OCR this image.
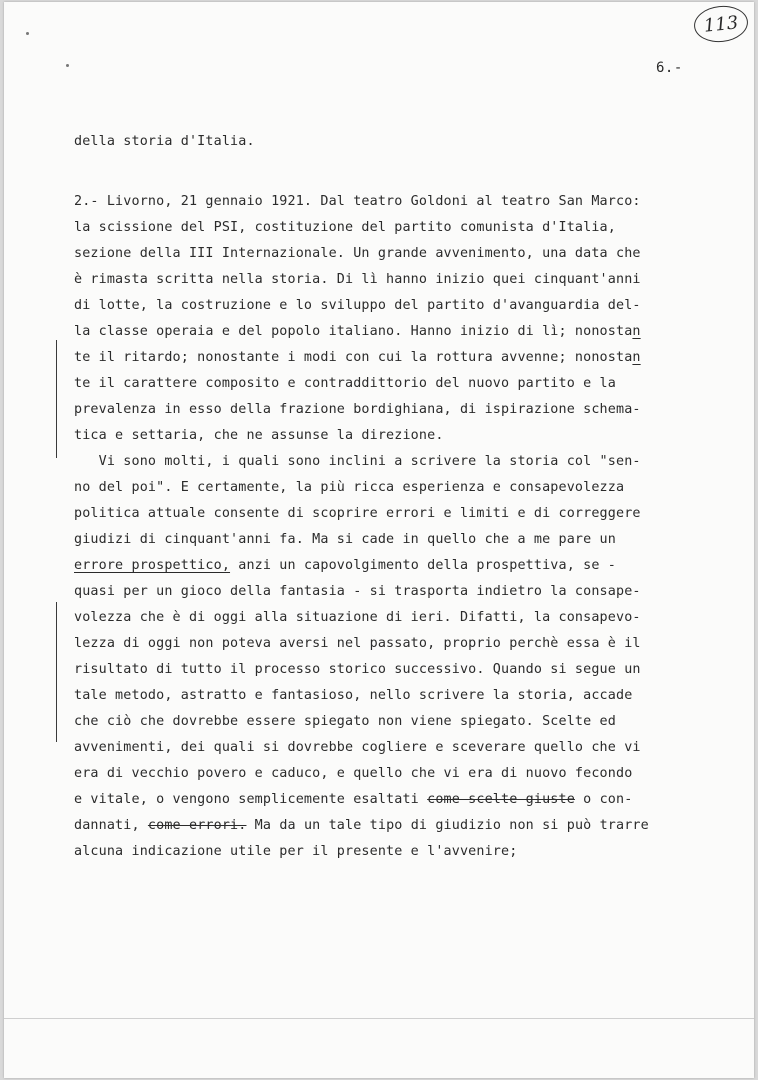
113
6.-

della storia d'Italia.

2.- Livorno, 21 gennaio 1921. Dal teatro Goldoni al teatro San Marco:

la scissione del PSI, costituzione del partito comunista d'Italia,

sezione della III Internazionale. Un grande avvenimento, una data che

è rimasta scritta nella storia. Di lì hanno inizio quei cinquant'anni

di lotte, la costruzione e lo sviluppo del partito d'avanguardia del-

la classe operaia e del popolo italiano. Hanno inizio di lì; nonostan

te il ritardo; nonostante i modi con cui la rottura avvenne; nonostan

te il carattere composito e contraddittorio del nuovo partito e la

prevalenza in esso della frazione bordighiana, di ispirazione schema-

tica e settaria, che ne assunse la direzione.

Vi sono molti, i quali sono inclini a scrivere la storia col "sen-

no del poi". E certamente, la più ricca esperienza e consapevolezza

politica attuale consente di scoprire errori e limiti e di correggere

giudizi di cinquant'anni fa. Ma si cade in quello che a me pare un

errore prospettico, anzi un capovolgimento della prospettiva, se -

quasi per un gioco della fantasia - si trasporta indietro la consape-

volezza che è di oggi alla situazione di ieri. Difatti, la consapevo-

lezza di oggi non poteva aversi nel passato, proprio perchè essa è il

risultato di tutto il processo storico successivo. Quando si segue un

tale metodo, astratto e fantasioso, nello scrivere la storia, accade

che ciò che dovrebbe essere spiegato non viene spiegato. Scelte ed

avvenimenti, dei quali si dovrebbe cogliere e sceverare quello che vi

era di vecchio povero e caduco, e quello che vi era di nuovo fecondo

e vitale, o vengono semplicemente esaltati come scelte giuste o con-

dannati, come errori. Ma da un tale tipo di giudizio non si può trarre

alcuna indicazione utile per il presente e l'avvenire;
